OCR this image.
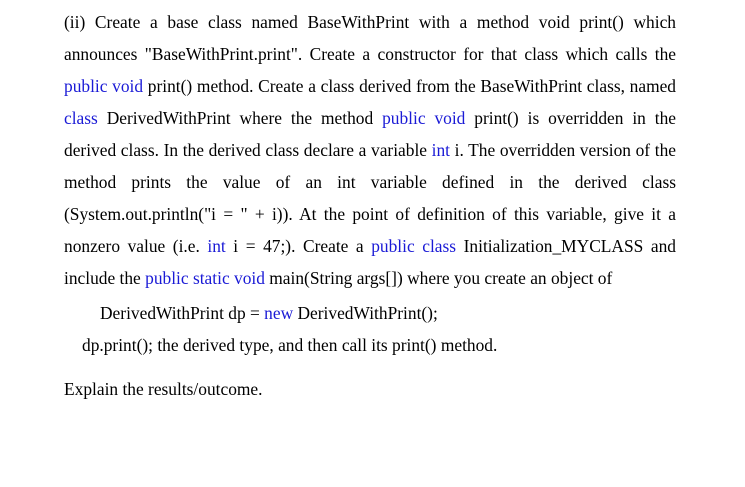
(ii) Create a base class named BaseWithPrint with a method void print() which announces "BaseWithPrint.print". Create a constructor for that class which calls the public void print() method. Create a class derived from the BaseWithPrint class, named class DerivedWithPrint where the method public void print() is overridden in the derived class. In the derived class declare a variable int i. The overridden version of the method prints the value of an int variable defined in the derived class (System.out.println("i = " + i)). At the point of definition of this variable, give it a nonzero value (i.e. int i = 47;). Create a public class Initialization_MYCLASS and include the public static void main(String args[]) where you create an object of

DerivedWithPrint dp = new DerivedWithPrint();

dp.print(); the derived type, and then call its print() method.

Explain the results/outcome.
